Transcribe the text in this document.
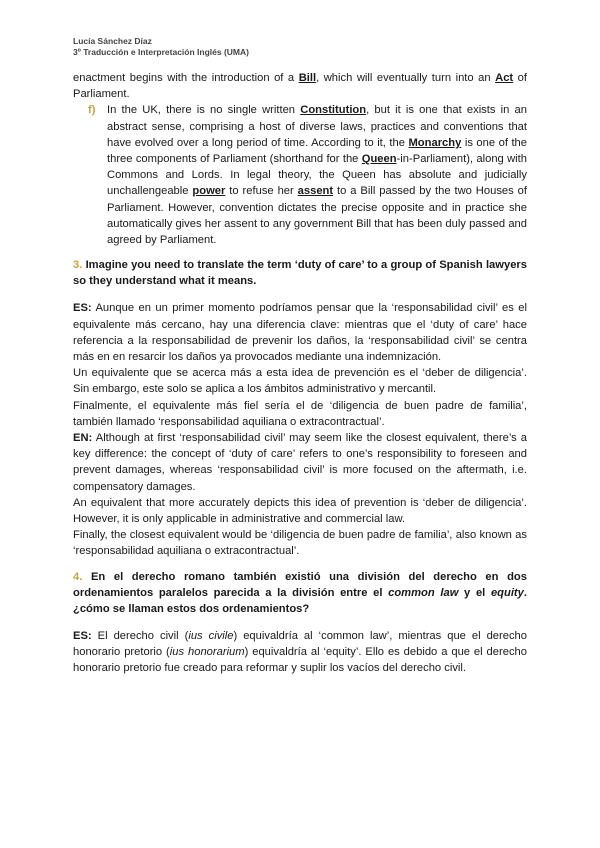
Lucía Sánchez Díaz
3º Traducción e Interpretación Inglés (UMA)

enactment begins with the introduction of a Bill, which will eventually turn into an Act of Parliament.

f) In the UK, there is no single written Constitution, but it is one that exists in an abstract sense, comprising a host of diverse laws, practices and conventions that have evolved over a long period of time. According to it, the Monarchy is one of the three components of Parliament (shorthand for the Queen-in-Parliament), along with Commons and Lords. In legal theory, the Queen has absolute and judicially unchallengeable power to refuse her assent to a Bill passed by the two Houses of Parliament. However, convention dictates the precise opposite and in practice she automatically gives her assent to any government Bill that has been duly passed and agreed by Parliament.

3. Imagine you need to translate the term ‘duty of care’ to a group of Spanish lawyers so they understand what it means.

ES: Aunque en un primer momento podríamos pensar que la ‘responsabilidad civil’ es el equivalente más cercano, hay una diferencia clave: mientras que el ‘duty of care’ hace referencia a la responsabilidad de prevenir los daños, la ‘responsabilidad civil’ se centra más en en resarcir los daños ya provocados mediante una indemnización.

Un equivalente que se acerca más a esta idea de prevención es el ‘deber de diligencia’. Sin embargo, este solo se aplica a los ámbitos administrativo y mercantil.

Finalmente, el equivalente más fiel sería el de ‘diligencia de buen padre de familia’, también llamado ‘responsabilidad aquiliana o extracontractual’.

EN: Although at first ‘responsabilidad civil’ may seem like the closest equivalent, there’s a key difference: the concept of ‘duty of care’ refers to one’s responsibility to foreseen and prevent damages, whereas ‘responsabilidad civil’ is more focused on the aftermath, i.e. compensatory damages.

An equivalent that more accurately depicts this idea of prevention is ‘deber de diligencia’. However, it is only applicable in administrative and commercial law.

Finally, the closest equivalent would be ‘diligencia de buen padre de familia’, also known as ‘responsabilidad aquiliana o extracontractual’.

4. En el derecho romano también existió una división del derecho en dos ordenamientos paralelos parecida a la división entre el common law y el equity. ¿cómo se llaman estos dos ordenamientos?

ES: El derecho civil (ius civile) equivaldría al ‘common law’, mientras que el derecho honorario pretorio (ius honorarium) equivaldría al ‘equity’. Ello es debido a que el derecho honorario pretorio fue creado para reformar y suplir los vacíos del derecho civil.
